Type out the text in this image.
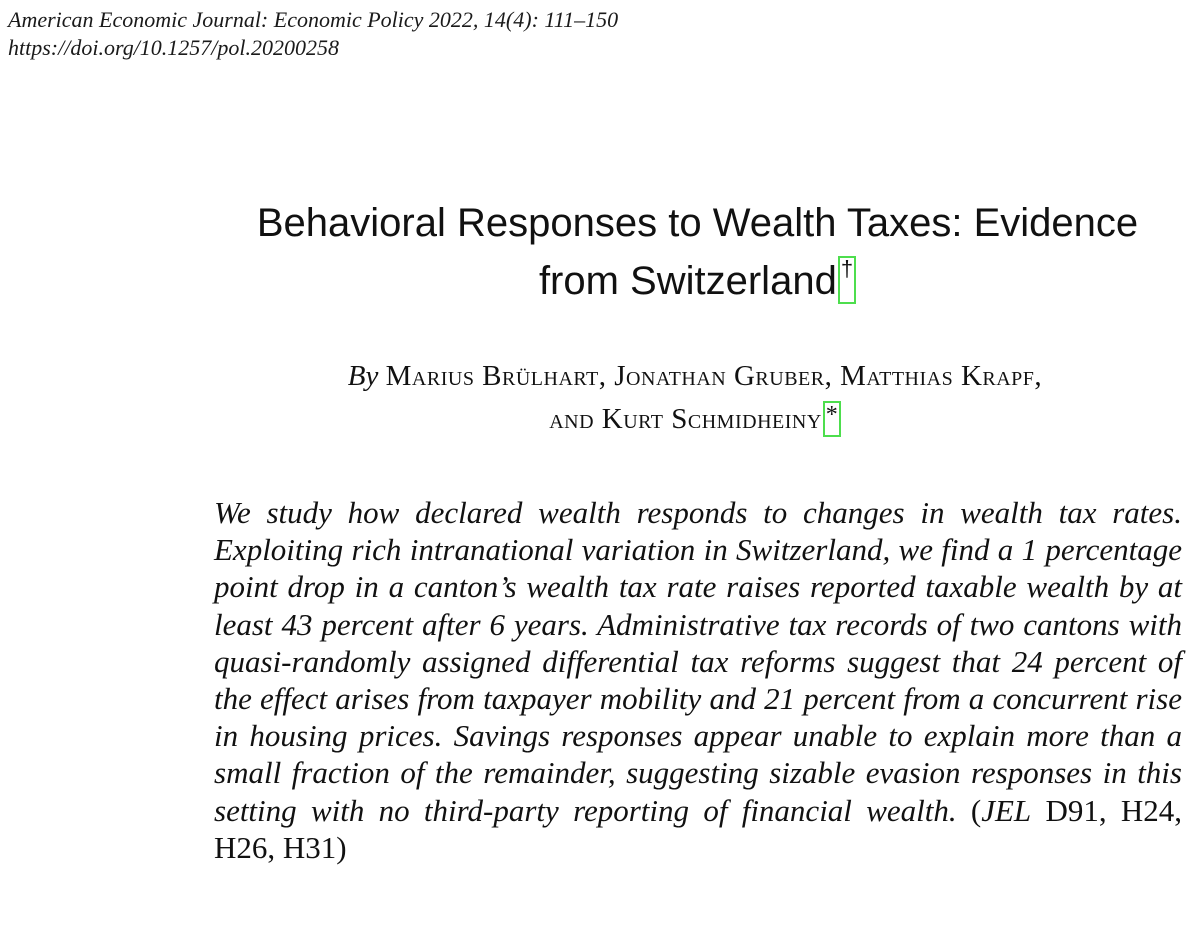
American Economic Journal: Economic Policy 2022, 14(4): 111–150
https://doi.org/10.1257/pol.20200258
Behavioral Responses to Wealth Taxes: Evidence
from Switzerland †
By Marius Brülhart, Jonathan Gruber, Matthias Krapf,
and Kurt Schmidheiny *
We study how declared wealth responds to changes in wealth tax rates. Exploiting rich intranational variation in Switzerland, we find a 1 percentage point drop in a canton’s wealth tax rate raises reported taxable wealth by at least 43 percent after 6 years. Administrative tax records of two cantons with quasi-randomly assigned differential tax reforms suggest that 24 percent of the effect arises from taxpayer mobility and 21 percent from a concurrent rise in housing prices. Savings responses appear unable to explain more than a small fraction of the remainder, suggesting sizable evasion responses in this setting with no third-party reporting of financial wealth. (JEL D91, H24, H26, H31)
